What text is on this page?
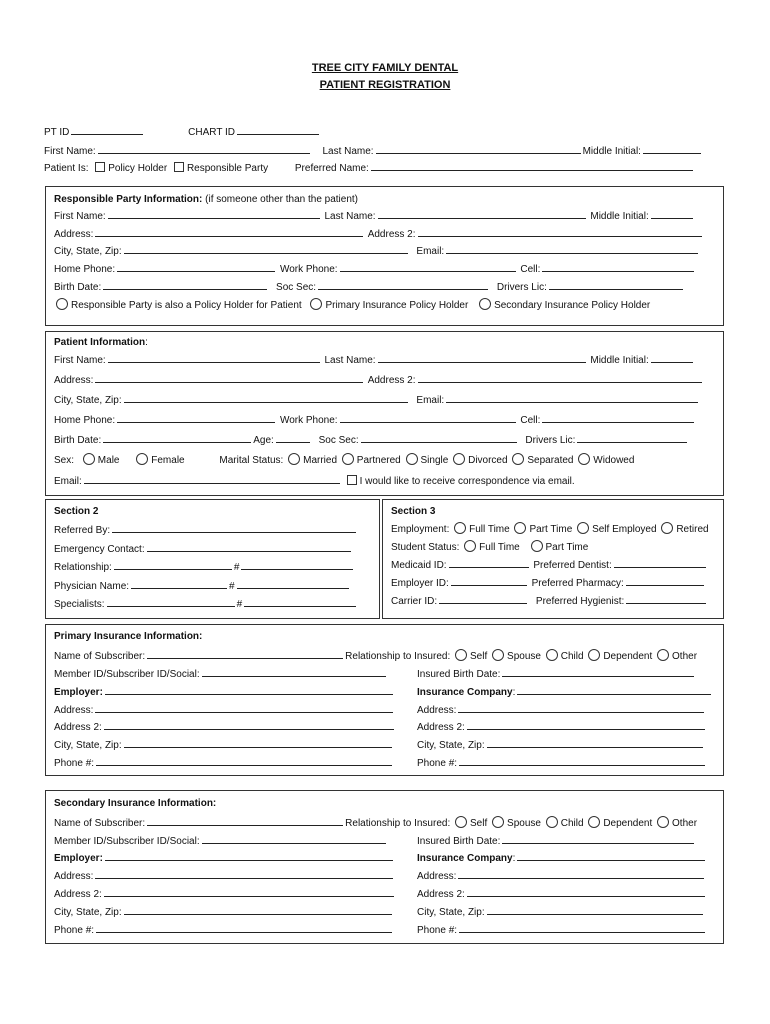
TREE CITY FAMILY DENTAL
PATIENT REGISTRATION
PT ID	CHART ID
First Name:	Last Name:	Middle Initial:
Patient Is: Policy Holder Responsible Party	Preferred Name:
Responsible Party Information: (if someone other than the patient)
First Name:	Last Name:	Middle Initial:
Address:	Address 2:
City, State, Zip:	Email:
Home Phone:	Work Phone:	Cell:
Birth Date:	Soc Sec:	Drivers Lic:
Responsible Party is also a Policy Holder for Patient Primary Insurance Policy Holder	Secondary Insurance Policy Holder
Patient Information:
First Name:	Last Name:	Middle Initial:
Address:	Address 2:
City, State, Zip:	Email:
Home Phone:	Work Phone:	Cell:
Birth Date:	Age:	Soc Sec:	Drivers Lic:
Sex: Male	Female	Marital Status: Married Partnered Single Divorced Separated Widowed
Email:	I would like to receive correspondence via email.
Section 2
Referred By:
Emergency Contact:
Relationship:	#
Physician Name:	#
Specialists:	#
Section 3
Employment: Full Time Part Time Self Employed Retired
Student Status: Full Time	Part Time
Medicaid ID:	Preferred Dentist:
Employer ID:	Preferred Pharmacy:
Carrier ID:	Preferred Hygienist:
Primary Insurance Information:
Name of Subscriber:	Relationship to Insured: Self Spouse Child Dependent Other
Member ID/Subscriber ID/Social:	Insured Birth Date:
Employer:	Insurance Company:
Address:	Address:
Address 2:	Address 2:
City, State, Zip:	City, State, Zip:
Phone #:	Phone #:
Secondary Insurance Information:
Name of Subscriber:	Relationship to Insured: Self Spouse Child Dependent Other
Member ID/Subscriber ID/Social:	Insured Birth Date:
Employer:	Insurance Company:
Address:	Address:
Address 2:	Address 2:
City, State, Zip:	City, State, Zip:
Phone #:	Phone #:
